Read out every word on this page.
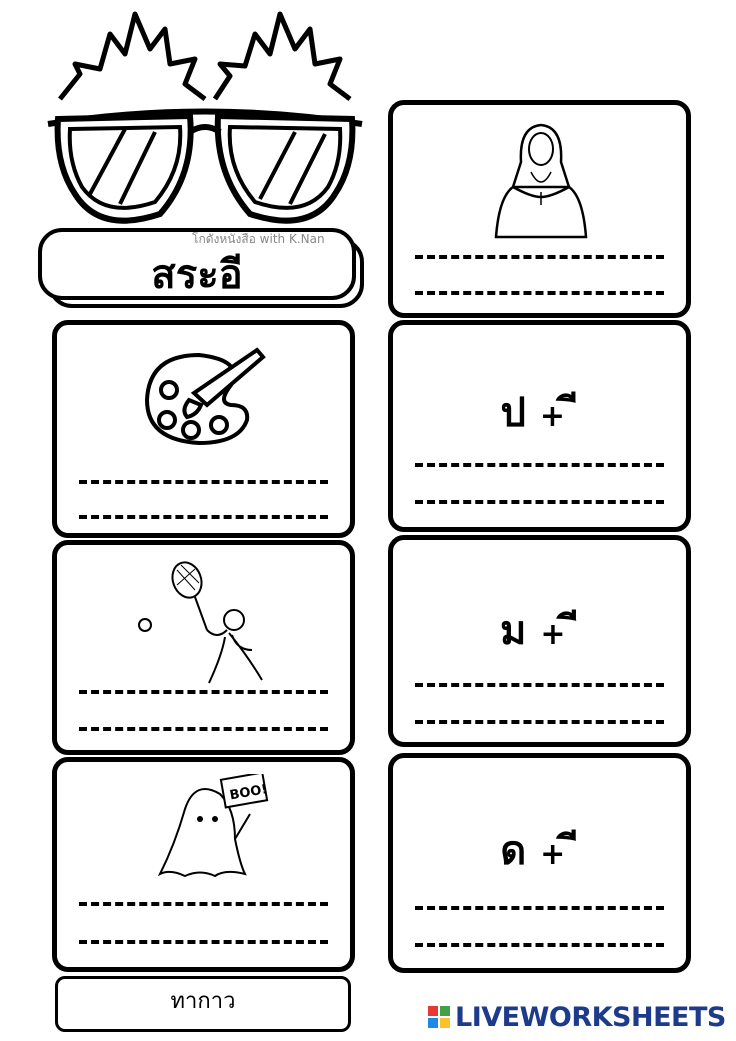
สระอี
โกดังหนังสือ with K.Nan
BOO!
ทากาว
ป +
ม +
ด +
LIVEWORKSHEETS
